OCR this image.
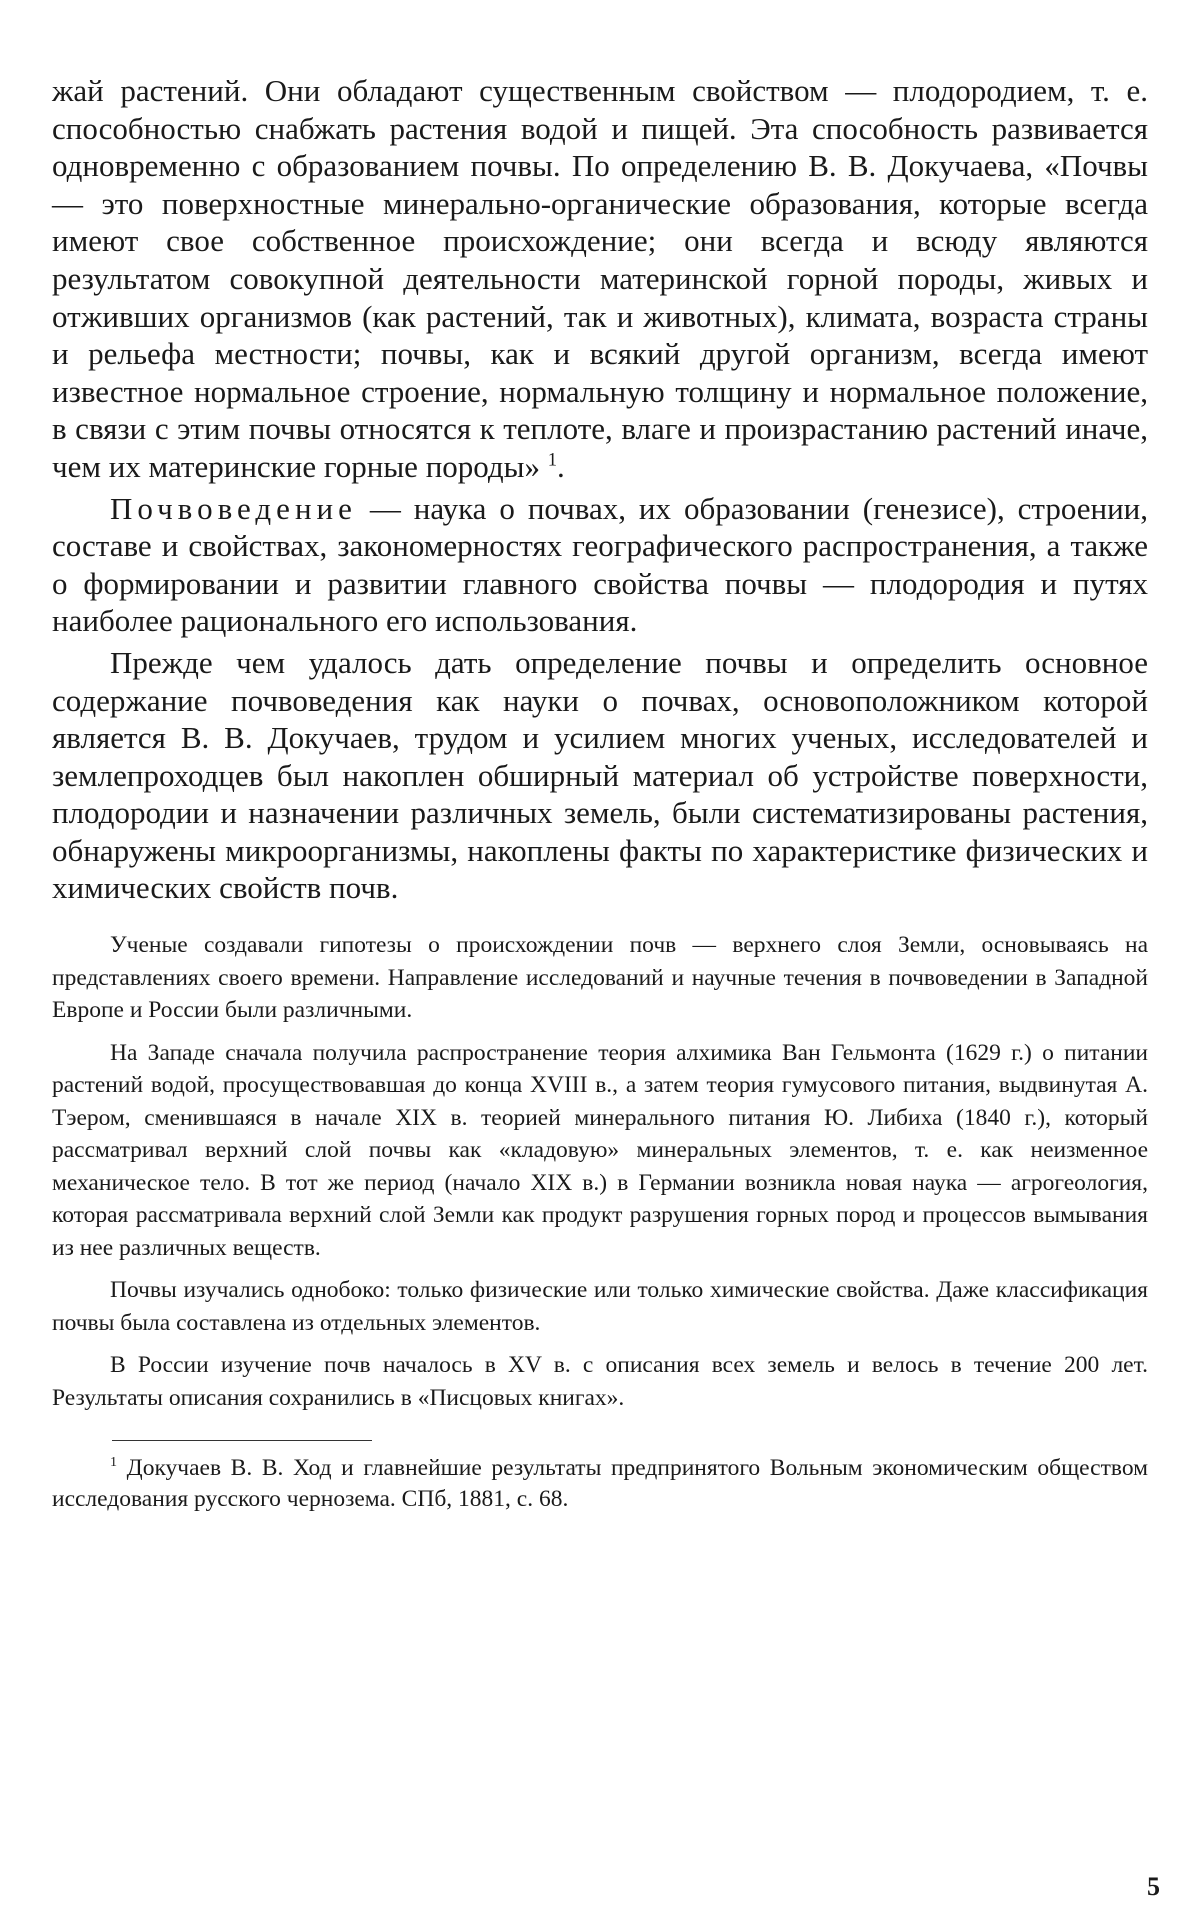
жай растений. Они обладают существенным свойством — плодородием, т. е. способностью снабжать растения водой и пищей. Эта способность развивается одновременно с образованием почвы. По определению В. В. Докучаева, «Почвы — это поверхностные минерально-органические образования, которые всегда имеют свое собственное происхождение; они всегда и всюду являются результатом совокупной деятельности материнской горной породы, живых и отживших организмов (как растений, так и животных), климата, возраста страны и рельефа местности; почвы, как и всякий другой организм, всегда имеют известное нормальное строение, нормальную толщину и нормальное положение, в связи с этим почвы относятся к теплоте, влаге и произрастанию растений иначе, чем их материнские горные породы» $^1$.

Почвоведение — наука о почвах, их образовании (генезисе), строении, составе и свойствах, закономерностях географического распространения, а также о формировании и развитии главного свойства почвы — плодородия и путях наиболее рационального его использования.

Прежде чем удалось дать определение почвы и определить основное содержание почвоведения как науки о почвах, основоположником которой является В. В. Докучаев, трудом и усилием многих ученых, исследователей и землепроходцев был накоплен обширный материал об устройстве поверхности, плодородии и назначении различных земель, были систематизированы растения, обнаружены микроорганизмы, накоплены факты по характеристике физических и химических свойств почв.

Ученые создавали гипотезы о происхождении почв — верхнего слоя Земли, основываясь на представлениях своего времени. Направление исследований и научные течения в почвоведении в Западной Европе и России были различными.

На Западе сначала получила распространение теория алхимика Ван Гельмонта (1629 г.) о питании растений водой, просуществовавшая до конца XVIII в., а затем теория гумусового питания, выдвинутая А. Тэером, сменившаяся в начале XIX в. теорией минерального питания Ю. Либиха (1840 г.), который рассматривал верхний слой почвы как «кладовую» минеральных элементов, т. е. как неизменное механическое тело. В тот же период (начало XIX в.) в Германии возникла новая наука — агрогеология, которая рассматривала верхний слой Земли как продукт разрушения горных пород и процессов вымывания из нее различных веществ.

Почвы изучались однобоко: только физические или только химические свойства. Даже классификация почвы была составлена из отдельных элементов.

В России изучение почв началось в XV в. с описания всех земель и велось в течение 200 лет. Результаты описания сохранились в «Писцовых книгах».

$^1$ Докучаев В. В. Ход и главнейшие результаты предпринятого Вольным экономическим обществом исследования русского чернозема. СПб, 1881, с. 68.

5
